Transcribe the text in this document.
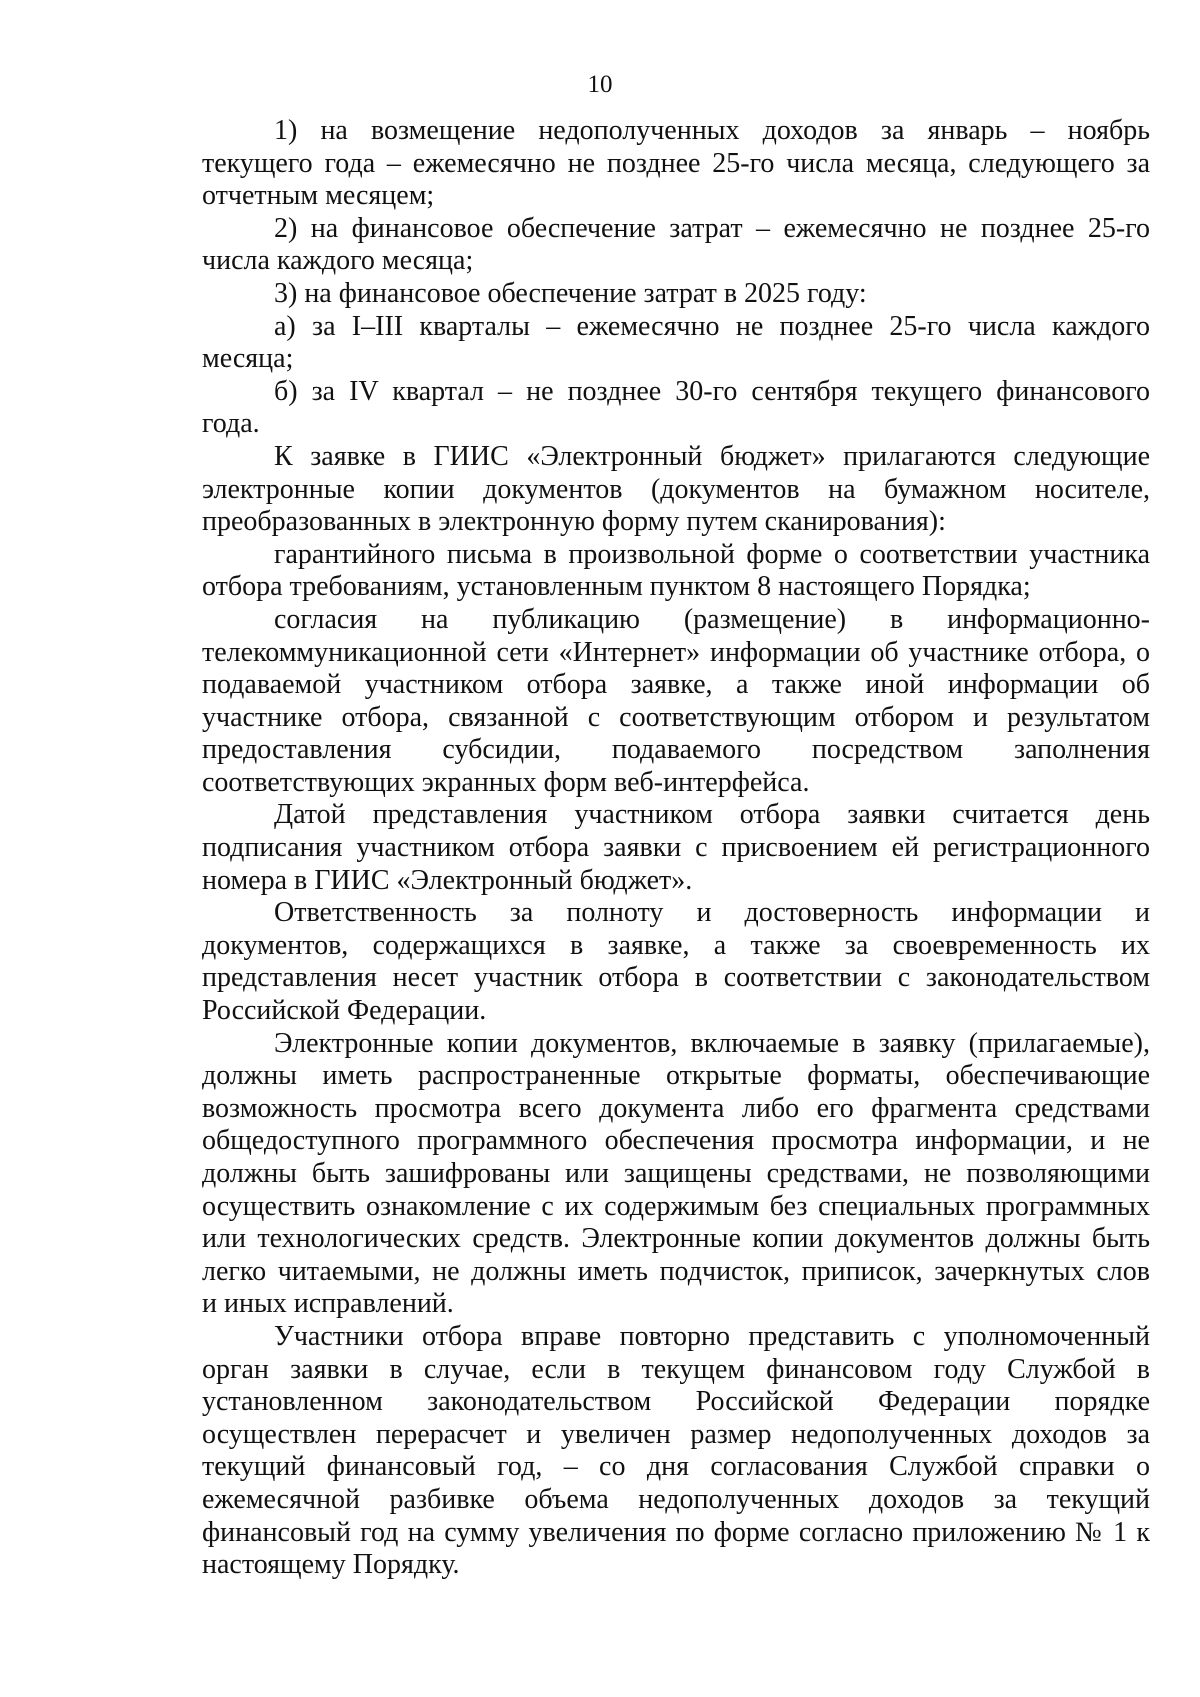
10
1) на возмещение недополученных доходов за январь – ноябрь
текущего года – ежемесячно не позднее 25-го числа месяца, следующего за
отчетным месяцем;
2) на финансовое обеспечение затрат – ежемесячно не позднее 25-го
числа каждого месяца;
3) на финансовое обеспечение затрат в 2025 году:
а) за I–III кварталы – ежемесячно не позднее 25-го числа каждого
месяца;
б) за IV квартал – не позднее 30-го сентября текущего финансового
года.
К заявке в ГИИС «Электронный бюджет» прилагаются следующие
электронные копии документов (документов на бумажном носителе,
преобразованных в электронную форму путем сканирования):
гарантийного письма в произвольной форме о соответствии участника
отбора требованиям, установленным пунктом 8 настоящего Порядка;
согласия на публикацию (размещение) в информационно-
телекоммуникационной сети «Интернет» информации об участнике отбора, о
подаваемой участником отбора заявке, а также иной информации об
участнике отбора, связанной с соответствующим отбором и результатом
предоставления субсидии, подаваемого посредством заполнения
соответствующих экранных форм веб-интерфейса.
Датой представления участником отбора заявки считается день
подписания участником отбора заявки с присвоением ей регистрационного
номера в ГИИС «Электронный бюджет».
Ответственность за полноту и достоверность информации и
документов, содержащихся в заявке, а также за своевременность их
представления несет участник отбора в соответствии с законодательством
Российской Федерации.
Электронные копии документов, включаемые в заявку (прилагаемые),
должны иметь распространенные открытые форматы, обеспечивающие
возможность просмотра всего документа либо его фрагмента средствами
общедоступного программного обеспечения просмотра информации, и не
должны быть зашифрованы или защищены средствами, не позволяющими
осуществить ознакомление с их содержимым без специальных программных
или технологических средств. Электронные копии документов должны быть
легко читаемыми, не должны иметь подчисток, приписок, зачеркнутых слов
и иных исправлений.
Участники отбора вправе повторно представить с уполномоченный
орган заявки в случае, если в текущем финансовом году Службой в
установленном законодательством Российской Федерации порядке
осуществлен перерасчет и увеличен размер недополученных доходов за
текущий финансовый год, – со дня согласования Службой справки о
ежемесячной разбивке объема недополученных доходов за текущий
финансовый год на сумму увеличения по форме согласно приложению № 1 к
настоящему Порядку.
